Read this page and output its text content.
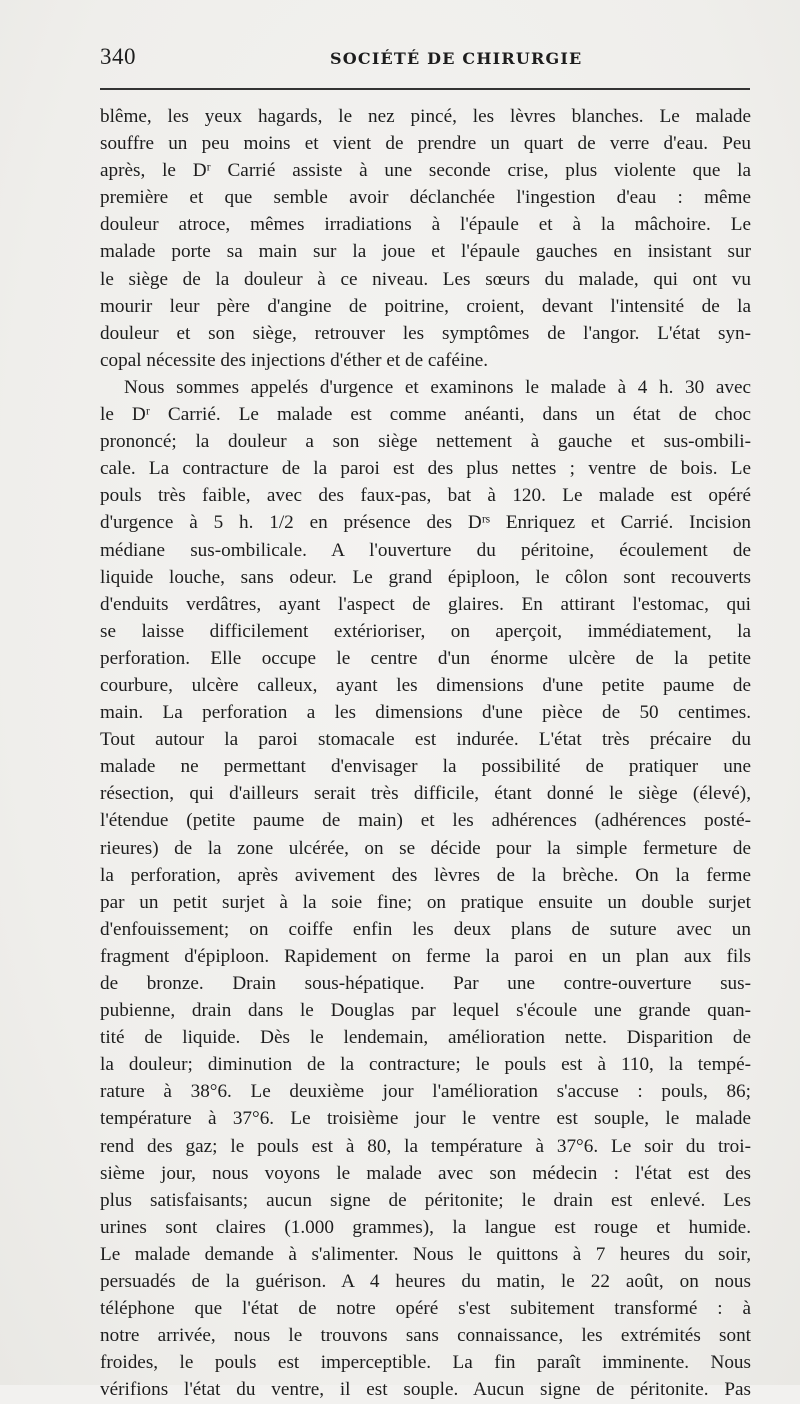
340	SOCIÉTÉ DE CHIRURGIE
blême, les yeux hagards, le nez pincé, les lèvres blanches. Le malade
souffre un peu moins et vient de prendre un quart de verre d'eau. Peu
après, le Dʳ Carrié assiste à une seconde crise, plus violente que la
première et que semble avoir déclanchée l'ingestion d'eau : même
douleur atroce, mêmes irradiations à l'épaule et à la mâchoire. Le
malade porte sa main sur la joue et l'épaule gauches en insistant sur
le siège de la douleur à ce niveau. Les sœurs du malade, qui ont vu
mourir leur père d'angine de poitrine, croient, devant l'intensité de la
douleur et son siège, retrouver les symptômes de l'angor. L'état syn-
copal nécessite des injections d'éther et de caféine.
Nous sommes appelés d'urgence et examinons le malade à 4 h. 30 avec
le Dʳ Carrié. Le malade est comme anéanti, dans un état de choc
prononcé; la douleur a son siège nettement à gauche et sus-ombili-
cale. La contracture de la paroi est des plus nettes ; ventre de bois. Le
pouls très faible, avec des faux-pas, bat à 120. Le malade est opéré
d'urgence à 5 h. 1/2 en présence des Dʳˢ Enriquez et Carrié. Incision
médiane sus-ombilicale. A l'ouverture du péritoine, écoulement de
liquide louche, sans odeur. Le grand épiploon, le côlon sont recouverts
d'enduits verdâtres, ayant l'aspect de glaires. En attirant l'estomac, qui
se laisse difficilement extérioriser, on aperçoit, immédiatement, la
perforation. Elle occupe le centre d'un énorme ulcère de la petite
courbure, ulcère calleux, ayant les dimensions d'une petite paume de
main. La perforation a les dimensions d'une pièce de 50 centimes.
Tout autour la paroi stomacale est indurée. L'état très précaire du
malade ne permettant d'envisager la possibilité de pratiquer une
résection, qui d'ailleurs serait très difficile, étant donné le siège (élevé),
l'étendue (petite paume de main) et les adhérences (adhérences posté-
rieures) de la zone ulcérée, on se décide pour la simple fermeture de
la perforation, après avivement des lèvres de la brèche. On la ferme
par un petit surjet à la soie fine; on pratique ensuite un double surjet
d'enfouissement; on coiffe enfin les deux plans de suture avec un
fragment d'épiploon. Rapidement on ferme la paroi en un plan aux fils
de bronze. Drain sous-hépatique. Par une contre-ouverture sus-
pubienne, drain dans le Douglas par lequel s'écoule une grande quan-
tité de liquide. Dès le lendemain, amélioration nette. Disparition de
la douleur; diminution de la contracture; le pouls est à 110, la tempé-
rature à 38°6. Le deuxième jour l'amélioration s'accuse : pouls, 86;
température à 37°6. Le troisième jour le ventre est souple, le malade
rend des gaz; le pouls est à 80, la température à 37°6. Le soir du troi-
sième jour, nous voyons le malade avec son médecin : l'état est des
plus satisfaisants; aucun signe de péritonite; le drain est enlevé. Les
urines sont claires (1.000 grammes), la langue est rouge et humide.
Le malade demande à s'alimenter. Nous le quittons à 7 heures du soir,
persuadés de la guérison. A 4 heures du matin, le 22 août, on nous
téléphone que l'état de notre opéré s'est subitement transformé : à
notre arrivée, nous le trouvons sans connaissance, les extrémités sont
froides, le pouls est imperceptible. La fin paraît imminente. Nous
vérifions l'état du ventre, il est souple. Aucun signe de péritonite. Pas
